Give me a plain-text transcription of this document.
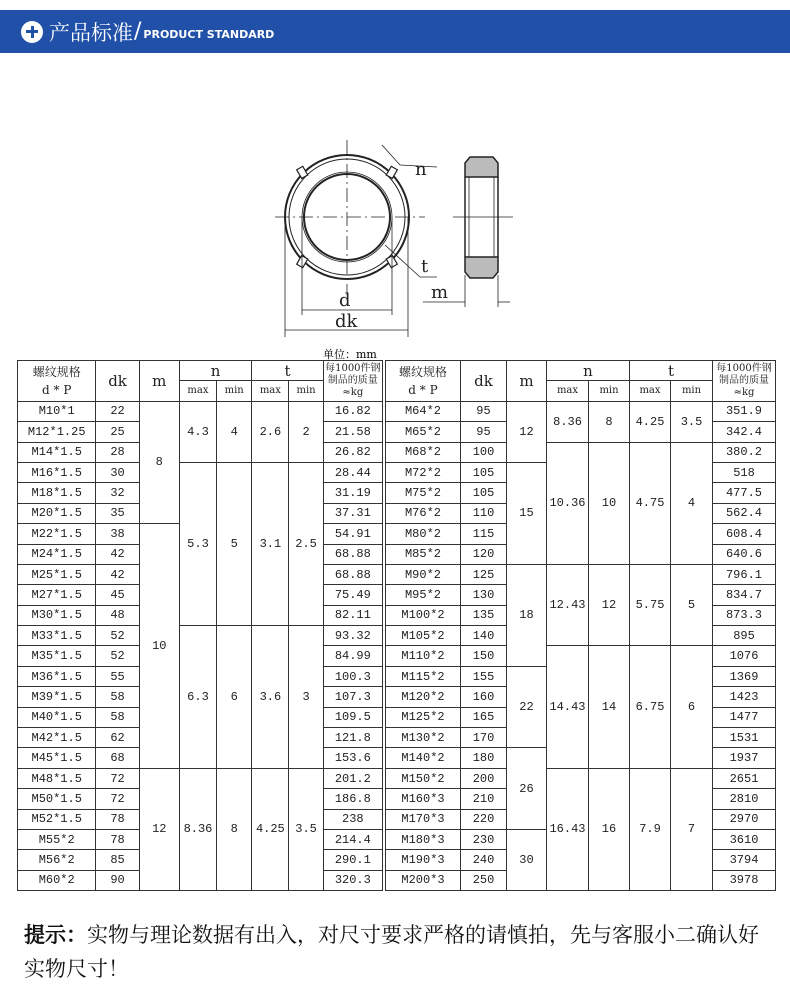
产品标准 / PRODUCT STANDARD
n
t
d
dk
m
单位：mm
螺纹规格
d * P	dk	m	n		t		每1000件钢制品的质量 ≈kg
			max	min	max	min	
M10*1	22	8	4.3	4	2.6	2	16.82
M12*1.25	25						21.58
M14*1.5	28						26.82
M16*1.5	30		5.3	5	3.1	2.5	28.44
M18*1.5	32						31.19
M20*1.5	35						37.31
M22*1.5	38	10					54.91
M24*1.5	42						68.88
M25*1.5	42						68.88
M27*1.5	45						75.49
M30*1.5	48						82.11
M33*1.5	52		6.3	6	3.6	3	93.32
M35*1.5	52						84.99
M36*1.5	55						100.3
M39*1.5	58						107.3
M40*1.5	58						109.5
M42*1.5	62						121.8
M45*1.5	68						153.6
M48*1.5	72	12	8.36	8	4.25	3.5	201.2
M50*1.5	72						186.8
M52*1.5	78						238
M55*2	78						214.4
M56*2	85						290.1
M60*2	90						320.3
螺纹规格
d * P	dk	m	n		t		每1000件钢制品的质量≈kg
			max	min	max	min	
M64*2	95	12	8.36	8	4.25	3.5	351.9
M65*2	95						342.4
M68*2	100		10.36	10	4.75	4	380.2
M72*2	105	15					518
M75*2	105						477.5
M76*2	110						562.4
M80*2	115						608.4
M85*2	120						640.6
M90*2	125	18	12.43	12	5.75	5	796.1
M95*2	130						834.7
M100*2	135						873.3
M105*2	140						895
M110*2	150		14.43	14	6.75	6	1076
M115*2	155	22					1369
M120*2	160						1423
M125*2	165						1477
M130*2	170						1531
M140*2	180	26					1937
M150*2	200		16.43	16	7.9	7	2651
M160*3	210						2810
M170*3	220						2970
M180*3	230	30					3610
M190*3	240						3794
M200*3	250						3978
提示：实物与理论数据有出入，对尺寸要求严格的请慎拍，先与客服小二确认好实物尺寸！
